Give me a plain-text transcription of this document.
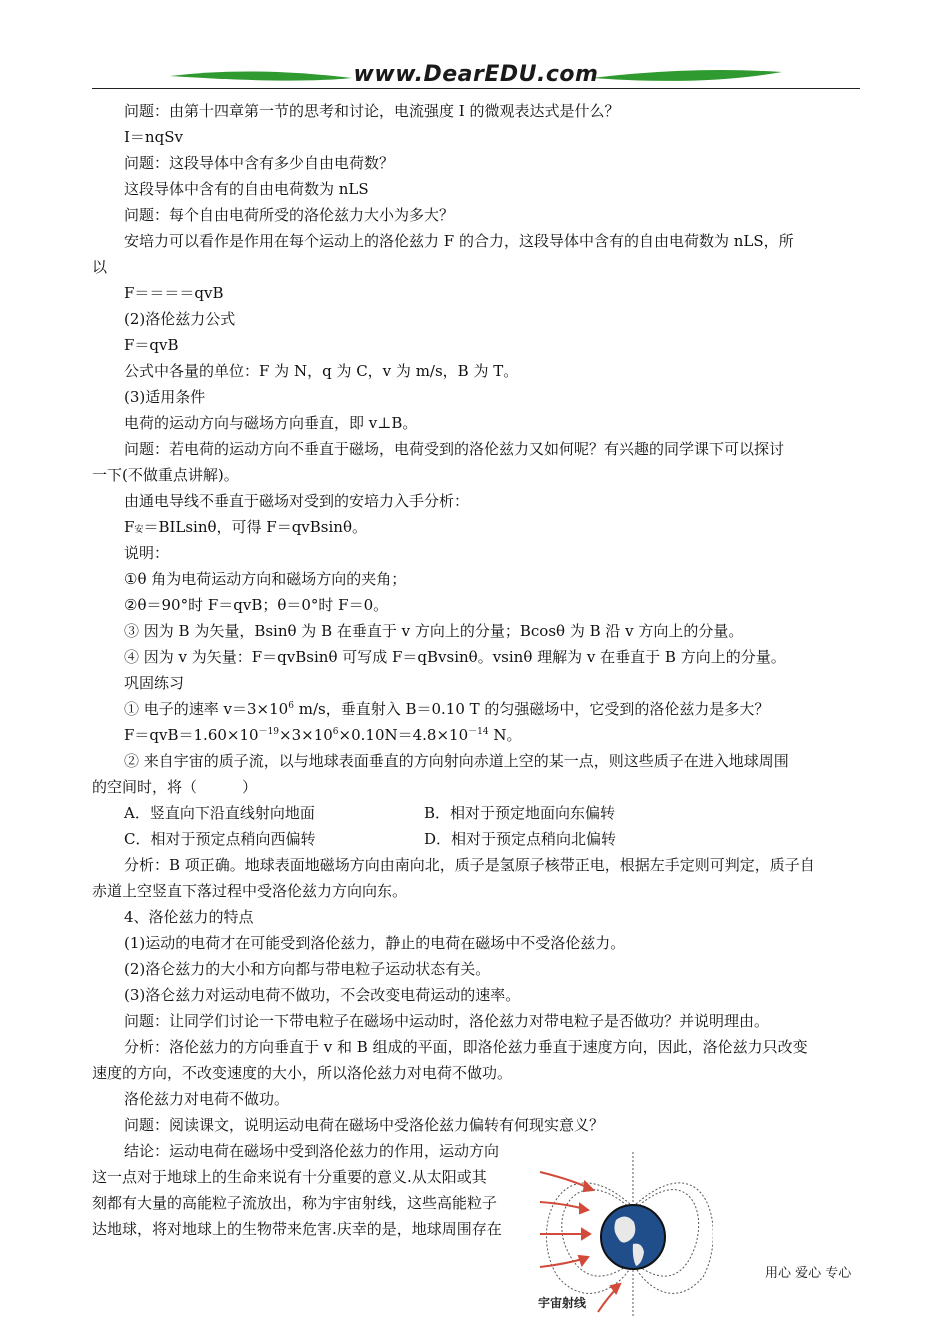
www.DearEDU.com
问题：由第十四章第一节的思考和讨论，电流强度 I 的微观表达式是什么？
I＝nqSv
问题：这段导体中含有多少自由电荷数？
这段导体中含有的自由电荷数为 nLS
问题：每个自由电荷所受的洛伦兹力大小为多大？
安培力可以看作是作用在每个运动上的洛伦兹力 F 的合力，这段导体中含有的自由电荷数为 nLS，所
以
F＝＝＝＝qvB
(2)洛伦兹力公式
F＝qvB
公式中各量的单位：F 为 N，q 为 C，v 为 m/s，B 为 T。
(3)适用条件
电荷的运动方向与磁场方向垂直，即 v⊥B。
问题：若电荷的运动方向不垂直于磁场，电荷受到的洛伦兹力又如何呢？有兴趣的同学课下可以探讨
一下(不做重点讲解)。
由通电导线不垂直于磁场对受到的安培力入手分析：
F安＝BILsinθ，可得 F＝qvBsinθ。
说明：
①θ 角为电荷运动方向和磁场方向的夹角；
②θ＝90°时 F＝qvB；θ＝0°时 F＝0。
③ 因为 B 为矢量，Bsinθ 为 B 在垂直于 v 方向上的分量；Bcosθ 为 B 沿 v 方向上的分量。
④ 因为 v 为矢量：F＝qvBsinθ 可写成 F＝qBvsinθ。vsinθ 理解为 v 在垂直于 B 方向上的分量。
巩固练习
① 电子的速率 $v=3\times 10^6$ m/s，垂直射入 B＝0.10 T 的匀强磁场中，它受到的洛伦兹力是多大？
$F=qvB=1.60\times 10^{-19}\times 3\times 10^6\times 0.10N=4.8\times 10^{-14}$ N。
② 来自宇宙的质子流，以与地球表面垂直的方向射向赤道上空的某一点，则这些质子在进入地球周围
的空间时，将（　　　）
A．竖直向下沿直线射向地面	B．相对于预定地面向东偏转
C．相对于预定点稍向西偏转	D．相对于预定点稍向北偏转
分析：B 项正确。地球表面地磁场方向由南向北，质子是氢原子核带正电，根据左手定则可判定，质子自
赤道上空竖直下落过程中受洛伦兹力方向向东。
4、洛伦兹力的特点
(1)运动的电荷才在可能受到洛伦兹力，静止的电荷在磁场中不受洛伦兹力。
(2)洛仑兹力的大小和方向都与带电粒子运动状态有关。
(3)洛仑兹力对运动电荷不做功，不会改变电荷运动的速率。
问题：让同学们讨论一下带电粒子在磁场中运动时，洛伦兹力对带电粒子是否做功？并说明理由。
分析：洛伦兹力的方向垂直于 v 和 B 组成的平面，即洛伦兹力垂直于速度方向，因此，洛伦兹力只改变
速度的方向，不改变速度的大小，所以洛伦兹力对电荷不做功。
洛伦兹力对电荷不做功。
问题：阅读课文，说明运动电荷在磁场中受洛伦兹力偏转有何现实意义？
结论：运动电荷在磁场中受到洛伦兹力的作用，运动方向
这一点对于地球上的生命来说有十分重要的意义.从太阳或其
刻都有大量的高能粒子流放出，称为宇宙射线，这些高能粒子
达地球，将对地球上的生物带来危害.庆幸的是，地球周围存在
宇宙射线
用心 爱心 专心
